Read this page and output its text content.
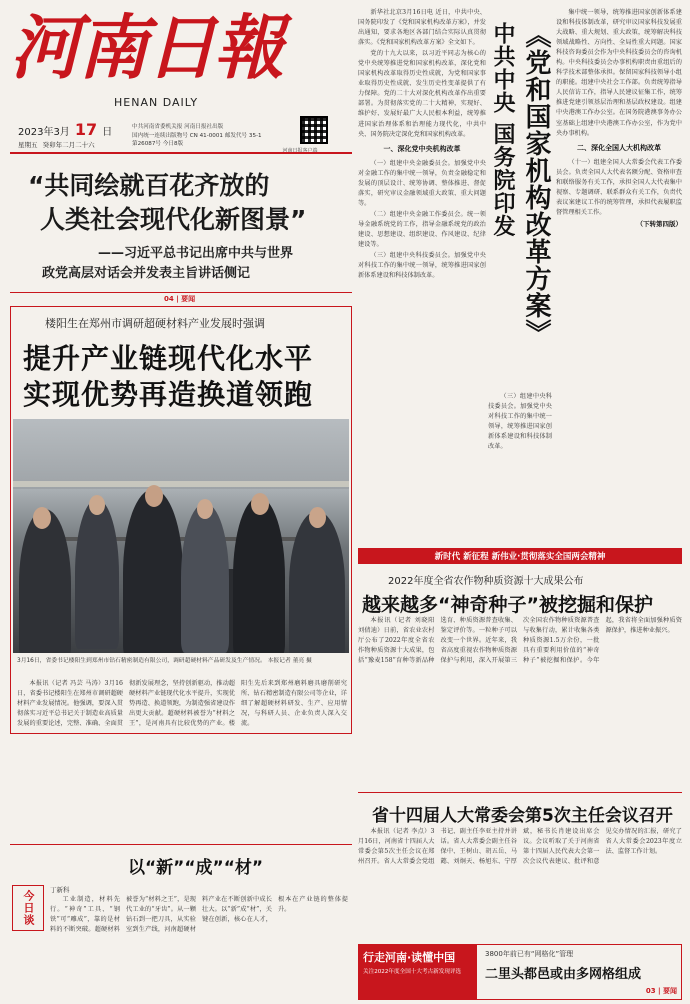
河南日報
HENAN DAILY
2023年3月 17 日
星期五 癸卯年二月二十六
中共河南省委机关报 河南日报社出版
国内统一连续出版物号 CN 41-0001 邮发代号 35-1
第26087号 今日8版
河南日报客户端
“共同绘就百花齐放的
人类社会现代化新图景”
——习近平总书记出席中共与世界
政党高层对话会并发表主旨讲话侧记
04 | 要闻
楼阳生在郑州市调研超硬材料产业发展时强调
提升产业链现代化水平
实现优势再造换道领跑
3月16日，省委书记楼阳生到郑州市钻石精密制造有限公司，调研超硬材料产品研发及生产情况。 本报记者 董亮 摄

本报讯（记者 冯芸 马涛）3月16日，省委书记楼阳生在郑州市调研超硬材料产业发展情况。他强调，要深入贯彻落实习近平总书记关于制造业高质量发展的重要论述，完整、准确、全面贯彻新发展理念，坚持创新驱动，推动超硬材料产业链现代化水平提升，实现优势再造、换道领跑，为制造强省建设作出更大贡献。超硬材料被誉为“材料之王”，是河南具有比较优势的产业。楼阳生先后来到郑州磨料磨具磨削研究所、钻石精密制造有限公司等企业，详细了解超硬材料研发、生产、应用情况，与科研人员、企业负责人深入交流。

以“新”“成”“材”
今日谈 丁新科

工业制造，材料先行。“神奇”工具、“钢铁”可“雕成”，靠的是材料的不断突破。超硬材料被誉为“材料之王”，是现代工业的“牙齿”。从一颗钻石到一把刀具，从实验室到生产线，河南超硬材料产业在不断创新中成长壮大。以“新”成“材”，关键在创新，核心在人才，根本在产业链的整体提升。

新华社北京3月16日电 近日，中共中央、国务院印发了《党和国家机构改革方案》，并发出通知，要求各地区各部门结合实际认真贯彻落实。《党和国家机构改革方案》全文如下。

党的十九大以来，以习近平同志为核心的党中央统筹推进党和国家机构改革，深化党和国家机构改革取得历史性成就，为党和国家事业取得历史性成就、发生历史性变革提供了有力保障。党的二十大对深化机构改革作出重要部署。为贯彻落实党的二十大精神，实现好、维护好、发展好最广大人民根本利益，统筹推进国家治理体系和治理能力现代化，中共中央、国务院决定深化党和国家机构改革。

一、深化党中央机构改革

（一）组建中央金融委员会。加强党中央对金融工作的集中统一领导，负责金融稳定和发展的顶层设计、统筹协调、整体推进、督促落实，研究审议金融领域重大政策、重大问题等。

（二）组建中央金融工作委员会。统一领导金融系统党的工作，指导金融系统党的政治建设、思想建设、组织建设、作风建设、纪律建设等。

（三）组建中央科技委员会。加强党中央对科技工作的集中统一领导，统筹推进国家创新体系建设和科技体制改革。	《党和国家机构改革方案》
中共中央 国务院印发

集中统一领导，统筹推进国家创新体系建设和科技体制改革，研究审议国家科技发展重大战略、重大规划、重大政策，统筹解决科技领域战略性、方向性、全局性重大问题。国家科技咨询委员会作为中央科技委员会的咨询机构。中央科技委员会办事机构职责由重组后的科学技术部整体承担。保留国家科技领导小组的职能。组建中央社会工作部。负责统筹指导人民信访工作，指导人民建议征集工作，统筹推进党建引领基层治理和基层政权建设。组建中央港澳工作办公室。在国务院港澳事务办公室基础上组建中央港澳工作办公室，作为党中央办事机构。

二、深化全国人大机构改革

（十一）组建全国人大常委会代表工作委员会。负责全国人大代表名额分配、资格审查和联络服务有关工作，承担全国人大代表集中视察、专题调研、联系群众有关工作，负责代表议案建议工作的统筹管理，承担代表履职监督管理相关工作。

（下转第四版）

（三）组建中央科技委员会。加强党中央对科技工作的集中统一领导，统筹推进国家创新体系建设和科技体制改革。

新时代 新征程 新伟业·贯彻落实全国两会精神
2022年度全省农作物种质资源十大成果公布
越来越多“神奇种子”被挖掘和保护

本报讯（记者 刘晓阳 刘倩迪）日前，省农业农村厅公布了2022年度全省农作物种质资源十大成果，包括“豫麦158”育种等新品种选育、种质资源普查收集、鉴定评价等。一粒种子可以改变一个世界。近年来，我省高度重视农作物种质资源保护与利用，深入开展第三次全国农作物种质资源普查与收集行动，累计收集各类种质资源1.5万余份，一批具有重要利用价值的“神奇种子”被挖掘和保护。今年起，我省将全面加强种质资源保护，推进种业振兴。

省十四届人大常委会第5次主任会议召开

本报讯（记者 李点）3月16日，河南省十四届人大常委会第5次主任会议在郑州召开。省人大常委会党组书记、副主任李亚主持并讲话。省人大常委会副主任谷保中、王树山、胡五岳、马懿、刘炯天、杨旭东、宁厚斌，秘书长肖建设出席会议。会议听取了关于河南省第十四届人民代表大会第一次会议代表建议、批评和意见交办情况的汇报，研究了省人大常委会2023年度立法、监督工作计划。

行走河南·读懂中国
关注2022年度全国十大考古新发现评选
3800年前已有“网格化”管理
二里头都邑或由多网格组成
03 | 要闻
